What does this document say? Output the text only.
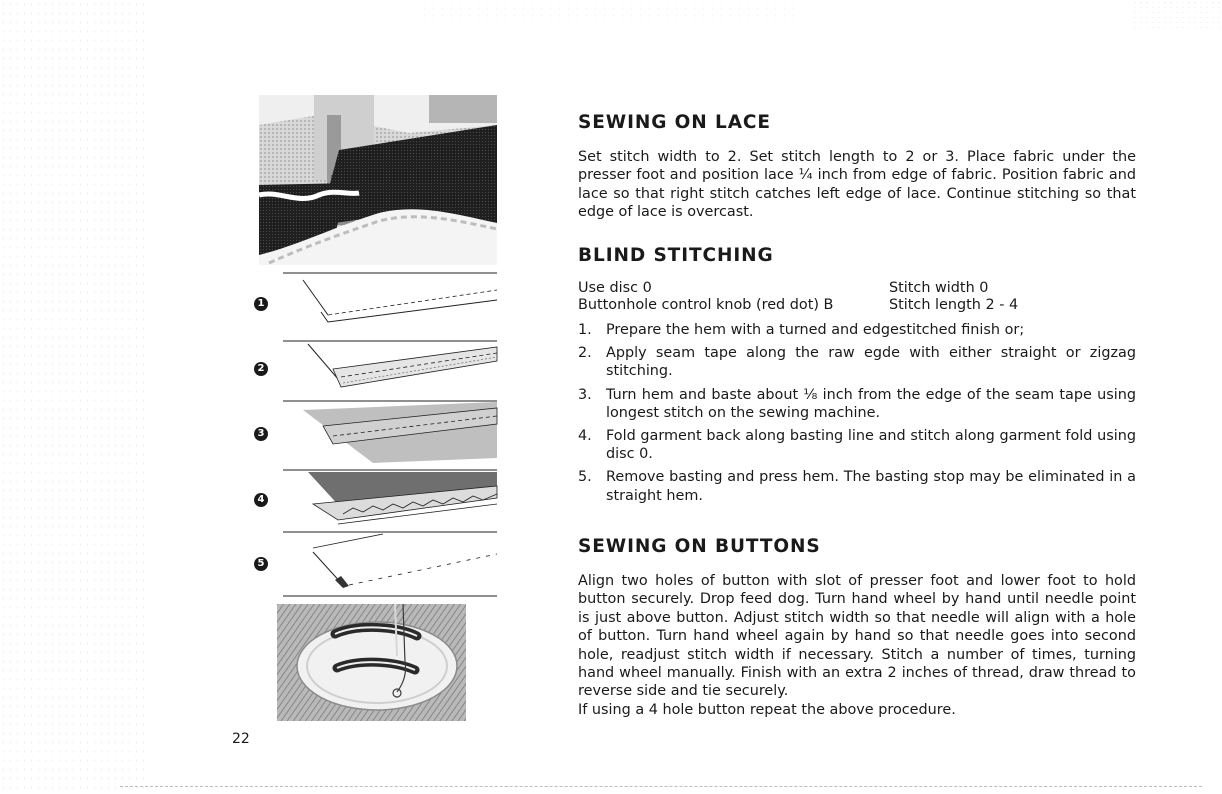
1
2
3
4
5
22
SEWING ON LACE

Set stitch width to 2. Set stitch length to 2 or 3. Place fabric under the presser foot and position lace ¼ inch from edge of fabric. Position fabric and lace so that right stitch catches left edge of lace. Continue stitching so that edge of lace is overcast.

BLIND STITCHING
Use disc 0	Stitch width 0
Buttonhole control knob (red dot) B	Stitch length 2 - 4
1. Prepare the hem with a turned and edgestitched finish or;
2. Apply seam tape along the raw egde with either straight or zigzag stitching.
3. Turn hem and baste about ⅛ inch from the edge of the seam tape using longest stitch on the sewing machine.
4. Fold garment back along basting line and stitch along garment fold using disc 0.
5. Remove basting and press hem. The basting stop may be eliminated in a straight hem.
SEWING ON BUTTONS

Align two holes of button with slot of presser foot and lower foot to hold button securely. Drop feed dog. Turn hand wheel by hand until needle point is just above button. Adjust stitch width so that needle will align with a hole of button. Turn hand wheel again by hand so that needle goes into second hole, readjust stitch width if necessary. Stitch a number of times, turning hand wheel manually. Finish with an extra 2 inches of thread, draw thread to reverse side and tie securely.

If using a 4 hole button repeat the above procedure.
